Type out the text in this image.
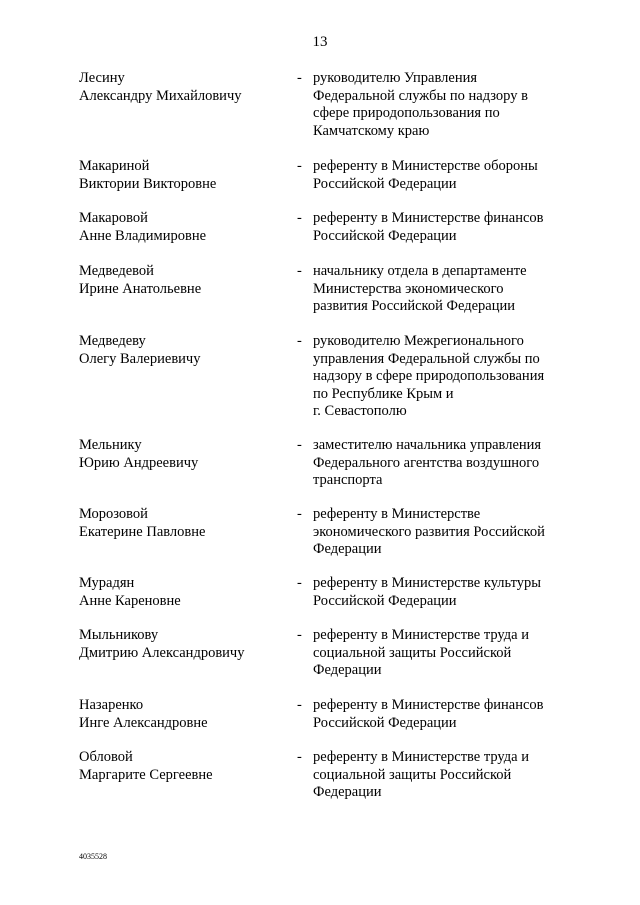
13
Лесину
Александру Михайловичу
- руководителю Управления
Федеральной службы по надзору в
сфере природопользования по
Камчатскому краю
Макариной
Виктории Викторовне
- референту в Министерстве обороны
Российской Федерации
Макаровой
Анне Владимировне
- референту в Министерстве финансов
Российской Федерации
Медведевой
Ирине Анатольевне
- начальнику отдела в департаменте
Министерства экономического
развития Российской Федерации
Медведеву
Олегу Валериевичу
- руководителю Межрегионального
управления Федеральной службы по
надзору в сфере природопользования
по Республике Крым и
г. Севастополю
Мельнику
Юрию Андреевичу
- заместителю начальника управления
Федерального агентства воздушного
транспорта
Морозовой
Екатерине Павловне
- референту в Министерстве
экономического развития Российской
Федерации
Мурадян
Анне Кареновне
- референту в Министерстве культуры
Российской Федерации
Мыльникову
Дмитрию Александровичу
- референту в Министерстве труда и
социальной защиты Российской
Федерации
Назаренко
Инге Александровне
- референту в Министерстве финансов
Российской Федерации
Обловой
Маргарите Сергеевне
- референту в Министерстве труда и
социальной защиты Российской
Федерации
4035528
